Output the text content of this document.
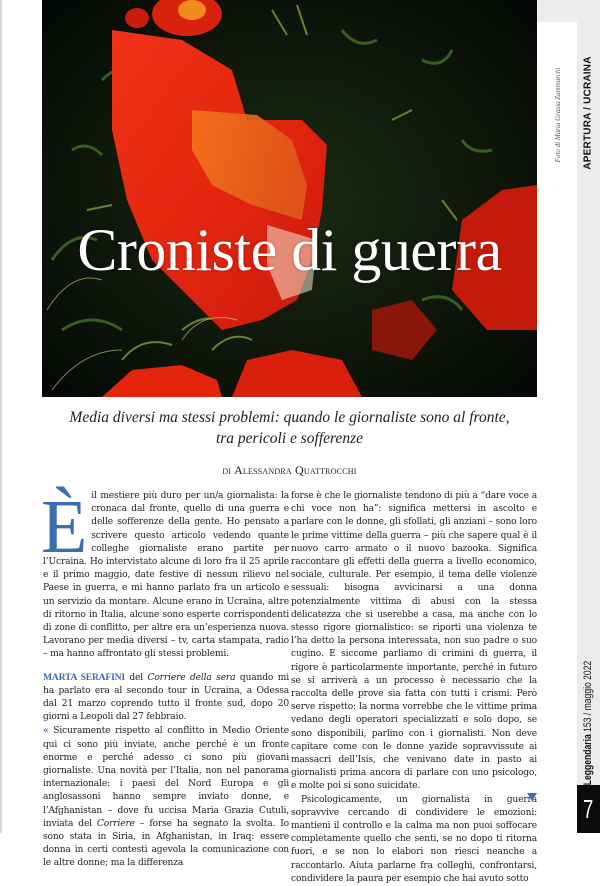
Croniste di guerra
Foto di Maria Grazia Zammarchi APERTURA / UCRAINA
Leggendaria 153 / maggio 2022
7
Media diversi ma stessi problemi: quando le giornaliste sono al fronte,
tra pericoli e sofferenze
di Alessandra Quattrocchi

Èil mestiere più duro per un/a giornalista: la cronaca dal fronte, quello di una guerra e delle sofferenze della gente. Ho pensato a scrivere questo articolo vedendo quante colleghe giornaliste erano partite per l’Ucraina. Ho intervistato alcune di loro fra il 25 aprile e il primo maggio, date festive di nessun rilievo nel Paese in guerra, e mi hanno parlato fra un articolo e un servizio da montare. Alcune erano in Ucraina, altre di ritorno in Italia, alcune sono esperte corrispondenti di zone di conflitto, per altre era un’esperienza nuova. Lavorano per media diversi – tv, carta stampata, radio – ma hanno affrontato gli stessi problemi.

MARTA SERAFINI del Corriere della sera quando mi ha parlato era al secondo tour in Ucraina, a Odessa dal 21 marzo coprendo tutto il fronte sud, dopo 20 giorni a Leopoli dal 27 febbraio.

« Sicuramente rispetto al conflitto in Medio Oriente qui ci sono più inviate, anche perché è un fronte enorme e perché adesso ci sono più giovani giornaliste. Una novità per l’Italia, non nel panorama internazionale: i paesi del Nord Europa e gli anglosassoni hanno sempre inviato donne, e l’Afghanistan – dove fu uccisa Maria Grazia Cutuli, inviata del Corriere – forse ha segnato la svolta. Io sono stata in Siria, in Afghanistan, in Iraq: essere donna in certi contesti agevola la comunicazione con le altre donne; ma la differenza

forse è che le giornaliste tendono di più a “dare voce a chi voce non ha”: significa mettersi in ascolto e parlare con le donne, gli sfollati, gli anziani – sono loro le prime vittime della guerra – più che sapere qual è il nuovo carro armato o il nuovo bazooka. Significa raccontare gli effetti della guerra a livello economico, sociale, culturale. Per esempio, il tema delle violenze sessuali: bisogna avvicinarsi a una donna potenzialmente vittima di abusi con la stessa delicatezza che si userebbe a casa, ma anche con lo stesso rigore giornalistico: se riporti una violenza te l’ha detto la persona interessata, non suo padre o suo cugino. E siccome parliamo di crimini di guerra, il rigore è particolarmente importante, perché in futuro se si arriverà a un processo è necessario che la raccolta delle prove sia fatta con tutti i crismi. Però serve rispetto: la norma vorrebbe che le vittime prima vedano degli operatori specializzati e solo dopo, se sono disponibili, parlino con i giornalisti. Non deve capitare come con le donne yazide sopravvissute ai massacri dell’Isis, che venivano date in pasto ai giornalisti prima ancora di parlare con uno psicologo, e molte poi si sono suicidate.

Psicologicamente, un giornalista in guerra sopravvive cercando di condividere le emozioni: mantieni il controllo e la calma ma non puoi soffocare completamente quello che senti, se no dopo ti ritorna fuori, e se non lo elabori non riesci neanche a raccontarlo. Aiuta parlarne fra colleghi, confrontarsi, condividere la paura per esempio che hai avuto sotto
